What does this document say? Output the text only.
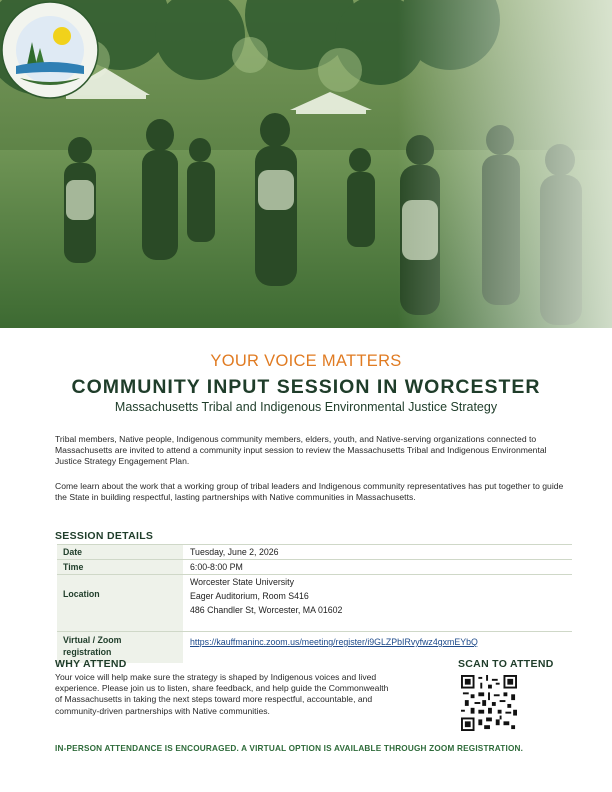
YOUR VOICE MATTERS
COMMUNITY INPUT SESSION IN WORCESTER
Massachusetts Tribal and Indigenous Environmental Justice Strategy
Tribal members, Native people, Indigenous community members, elders, youth, and Native-serving organizations connected to Massachusetts are invited to attend a community input session to review the Massachusetts Tribal and Indigenous Environmental Justice Strategy Engagement Plan.
Come learn about the work that a working group of tribal leaders and Indigenous community representatives has put together to guide the State in building respectful, lasting partnerships with Native communities in Massachusetts.
SESSION DETAILS
Date	Tuesday, June 2, 2026
Time	6:00-8:00 PM
Location	Worcester State University
Eager Auditorium, Room S416
486 Chandler St, Worcester, MA 01602

Virtual / Zoom
registration	https://kauffmaninc.zoom.us/meeting/register/i9GLZPbIRvyfwz4gxmEYbQ
WHY ATTEND
Your voice will help make sure the strategy is shaped by Indigenous voices and lived experience. Please join us to listen, share feedback, and help guide the Commonwealth of Massachusetts in taking the next steps toward more respectful, accountable, and community-driven partnerships with Native communities.
SCAN TO ATTEND
IN-PERSON ATTENDANCE IS ENCOURAGED. A VIRTUAL OPTION IS AVAILABLE THROUGH ZOOM REGISTRATION.
